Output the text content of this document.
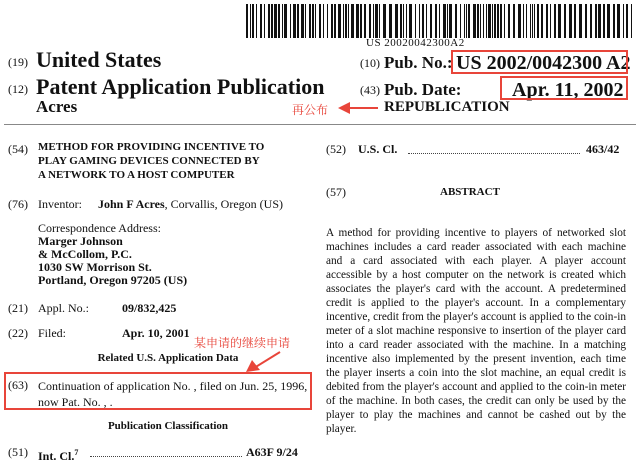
US 20020042300A2
(19) United States
(12) Patent Application Publication
Acres
(10) Pub. No.: US 2002/0042300 A2
(43) Pub. Date:	Apr. 11, 2002
再公布	REPUBLICATION
(54) METHOD FOR PROVIDING INCENTIVE TO
PLAY GAMING DEVICES CONNECTED BY
A NETWORK TO A HOST COMPUTER
(76) Inventor: John F Acres, Corvallis, Oregon (US)
Correspondence Address:
Marger Johnson
& McCollom, P.C.
1030 SW Morrison St.
Portland, Oregon 97205 (US)
(21) Appl. No.:	09/832,425
(22) Filed:	Apr. 10, 2001
某申请的继续申请
Related U.S. Application Data
(63) Continuation of application No. , filed on Jun. 25, 1996, now Pat. No. , .
Publication Classification
(51) Int. Cl.$^7$	A63F 9/24
(52) U.S. Cl.	463/42
(57)	ABSTRACT
A method for providing incentive to players of networked slot machines includes a card reader associated with each machine and a card associated with each player. A player account accessible by a host computer on the network is created which associates the player's card with the account. A predetermined credit is applied to the player's account. In a complementary incentive, credit from the player's account is applied to the coin-in meter of a slot machine responsive to insertion of the player card into a card reader associated with the machine. In a matching incentive also implemented by the present invention, each time the player inserts a coin into the slot machine, an equal credit is debited from the player's account and applied to the coin-in meter of the machine. In both cases, the credit can only be used by the player to play the machines and cannot be cashed out by the player.
